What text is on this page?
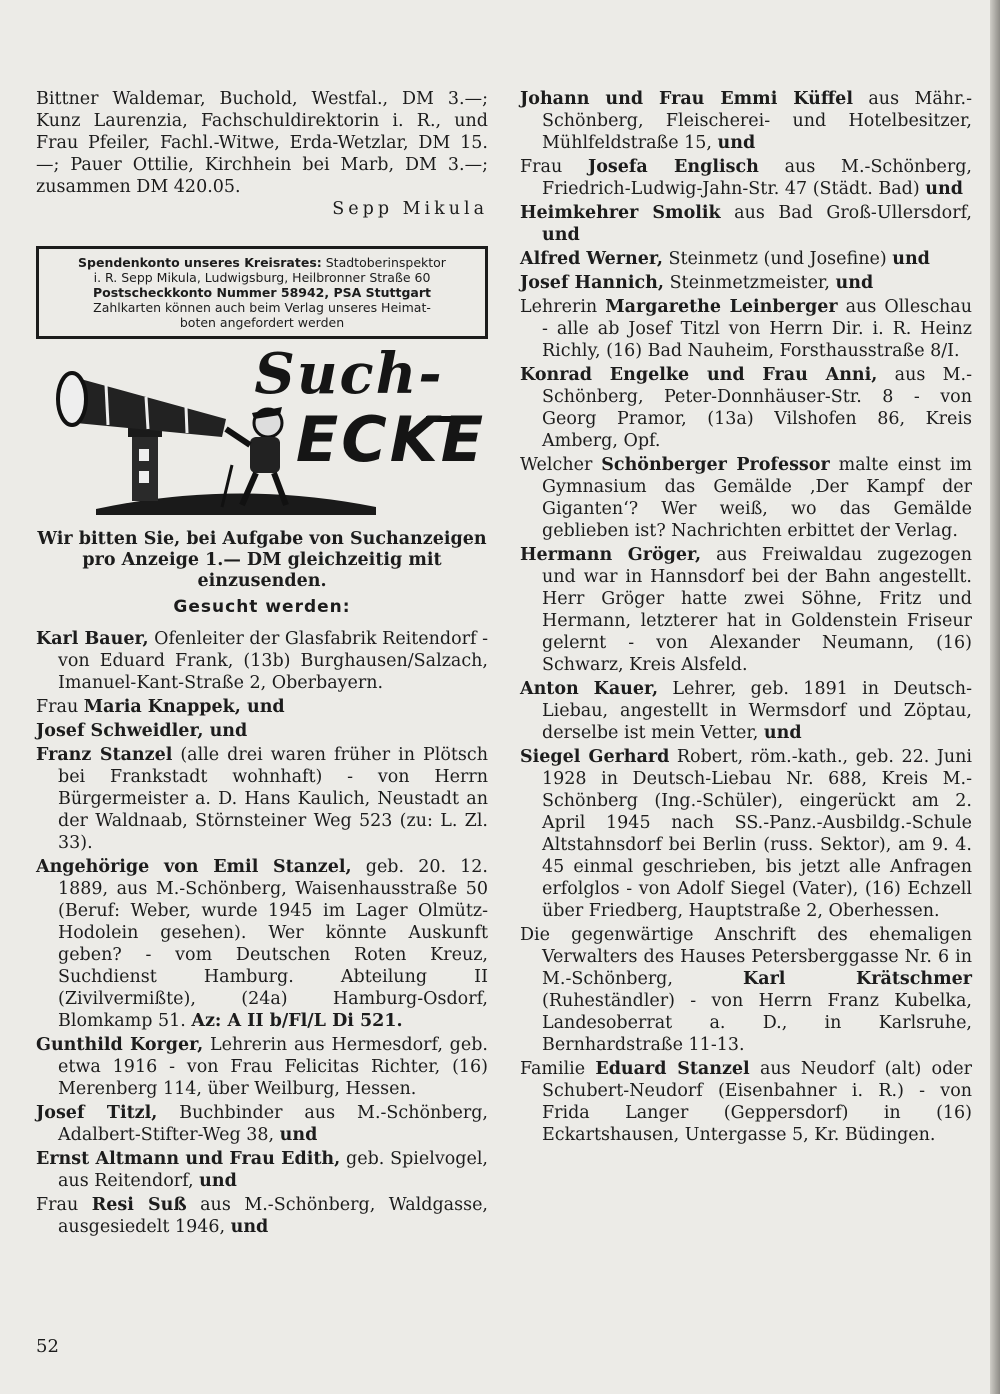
Bittner Waldemar, Buchold, Westfal., DM 3.—; Kunz Laurenzia, Fachschuldirektorin i. R., und Frau Pfeiler, Fachl.-Witwe, Erda-Wetzlar, DM 15.—; Pauer Ottilie, Kirchhein bei Marb, DM 3.—; zusammen DM 420.05.

Sepp Mikula

Spendenkonto unseres Kreisrates: Stadtoberinspektor
i. R. Sepp Mikula, Ludwigsburg, Heilbronner Straße 60
Postscheckkonto Nummer 58942, PSA Stuttgart
Zahlkarten können auch beim Verlag unseres Heimat-
boten angefordert werden
Such-
ECKE

Wir bitten Sie, bei Aufgabe von Suchanzeigen pro Anzeige 1.— DM gleichzeitig mit einzusenden.

Gesucht werden:

Karl Bauer, Ofenleiter der Glasfabrik Reitendorf - von Eduard Frank, (13b) Burghausen/Salzach, Imanuel-Kant-Straße 2, Oberbayern.

Frau Maria Knappek, und

Josef Schweidler, und

Franz Stanzel (alle drei waren früher in Plötsch bei Frankstadt wohnhaft) - von Herrn Bürgermeister a. D. Hans Kaulich, Neustadt an der Waldnaab, Störnsteiner Weg 523 (zu: L. Zl. 33).

Angehörige von Emil Stanzel, geb. 20. 12. 1889, aus M.-Schönberg, Waisenhausstraße 50 (Beruf: Weber, wurde 1945 im Lager Olmütz-Hodolein gesehen). Wer könnte Auskunft geben? - vom Deutschen Roten Kreuz, Suchdienst Hamburg. Abteilung II (Zivilvermißte), (24a) Hamburg-Osdorf, Blomkamp 51. Az: A II b/Fl/L Di 521.

Gunthild Korger, Lehrerin aus Hermesdorf, geb. etwa 1916 - von Frau Felicitas Richter, (16) Merenberg 114, über Weilburg, Hessen.

Josef Titzl, Buchbinder aus M.-Schönberg, Adalbert-Stifter-Weg 38, und

Ernst Altmann und Frau Edith, geb. Spielvogel, aus Reitendorf, und

Frau Resi Suß aus M.-Schönberg, Waldgasse, ausgesiedelt 1946, und

Johann und Frau Emmi Küffel aus Mähr.-Schönberg, Fleischerei- und Hotelbesitzer, Mühlfeldstraße 15, und

Frau Josefa Englisch aus M.-Schönberg, Friedrich-Ludwig-Jahn-Str. 47 (Städt. Bad) und

Heimkehrer Smolik aus Bad Groß-Ullersdorf, und

Alfred Werner, Steinmetz (und Josefine) und

Josef Hannich, Steinmetzmeister, und

Lehrerin Margarethe Leinberger aus Olleschau - alle ab Josef Titzl von Herrn Dir. i. R. Heinz Richly, (16) Bad Nauheim, Forsthausstraße 8/I.

Konrad Engelke und Frau Anni, aus M.-Schönberg, Peter-Donnhäuser-Str. 8 - von Georg Pramor, (13a) Vilshofen 86, Kreis Amberg, Opf.

Welcher Schönberger Professor malte einst im Gymnasium das Gemälde ‚Der Kampf der Giganten‘? Wer weiß, wo das Gemälde geblieben ist? Nachrichten erbittet der Verlag.

Hermann Gröger, aus Freiwaldau zugezogen und war in Hannsdorf bei der Bahn angestellt. Herr Gröger hatte zwei Söhne, Fritz und Hermann, letzterer hat in Goldenstein Friseur gelernt - von Alexander Neumann, (16) Schwarz, Kreis Alsfeld.

Anton Kauer, Lehrer, geb. 1891 in Deutsch-Liebau, angestellt in Wermsdorf und Zöptau, derselbe ist mein Vetter, und

Siegel Gerhard Robert, röm.-kath., geb. 22. Juni 1928 in Deutsch-Liebau Nr. 688, Kreis M.-Schönberg (Ing.-Schüler), eingerückt am 2. April 1945 nach SS.-Panz.-Ausbildg.-Schule Altstahnsdorf bei Berlin (russ. Sektor), am 9. 4. 45 einmal geschrieben, bis jetzt alle Anfragen erfolglos - von Adolf Siegel (Vater), (16) Echzell über Friedberg, Hauptstraße 2, Oberhessen.

Die gegenwärtige Anschrift des ehemaligen Verwalters des Hauses Petersberggasse Nr. 6 in M.-Schönberg, Karl Krätschmer (Ruheständler) - von Herrn Franz Kubelka, Landesoberrat a. D., in Karlsruhe, Bernhardstraße 11-13.

Familie Eduard Stanzel aus Neudorf (alt) oder Schubert-Neudorf (Eisenbahner i. R.) - von Frida Langer (Geppersdorf) in (16) Eckartshausen, Untergasse 5, Kr. Büdingen.

52
